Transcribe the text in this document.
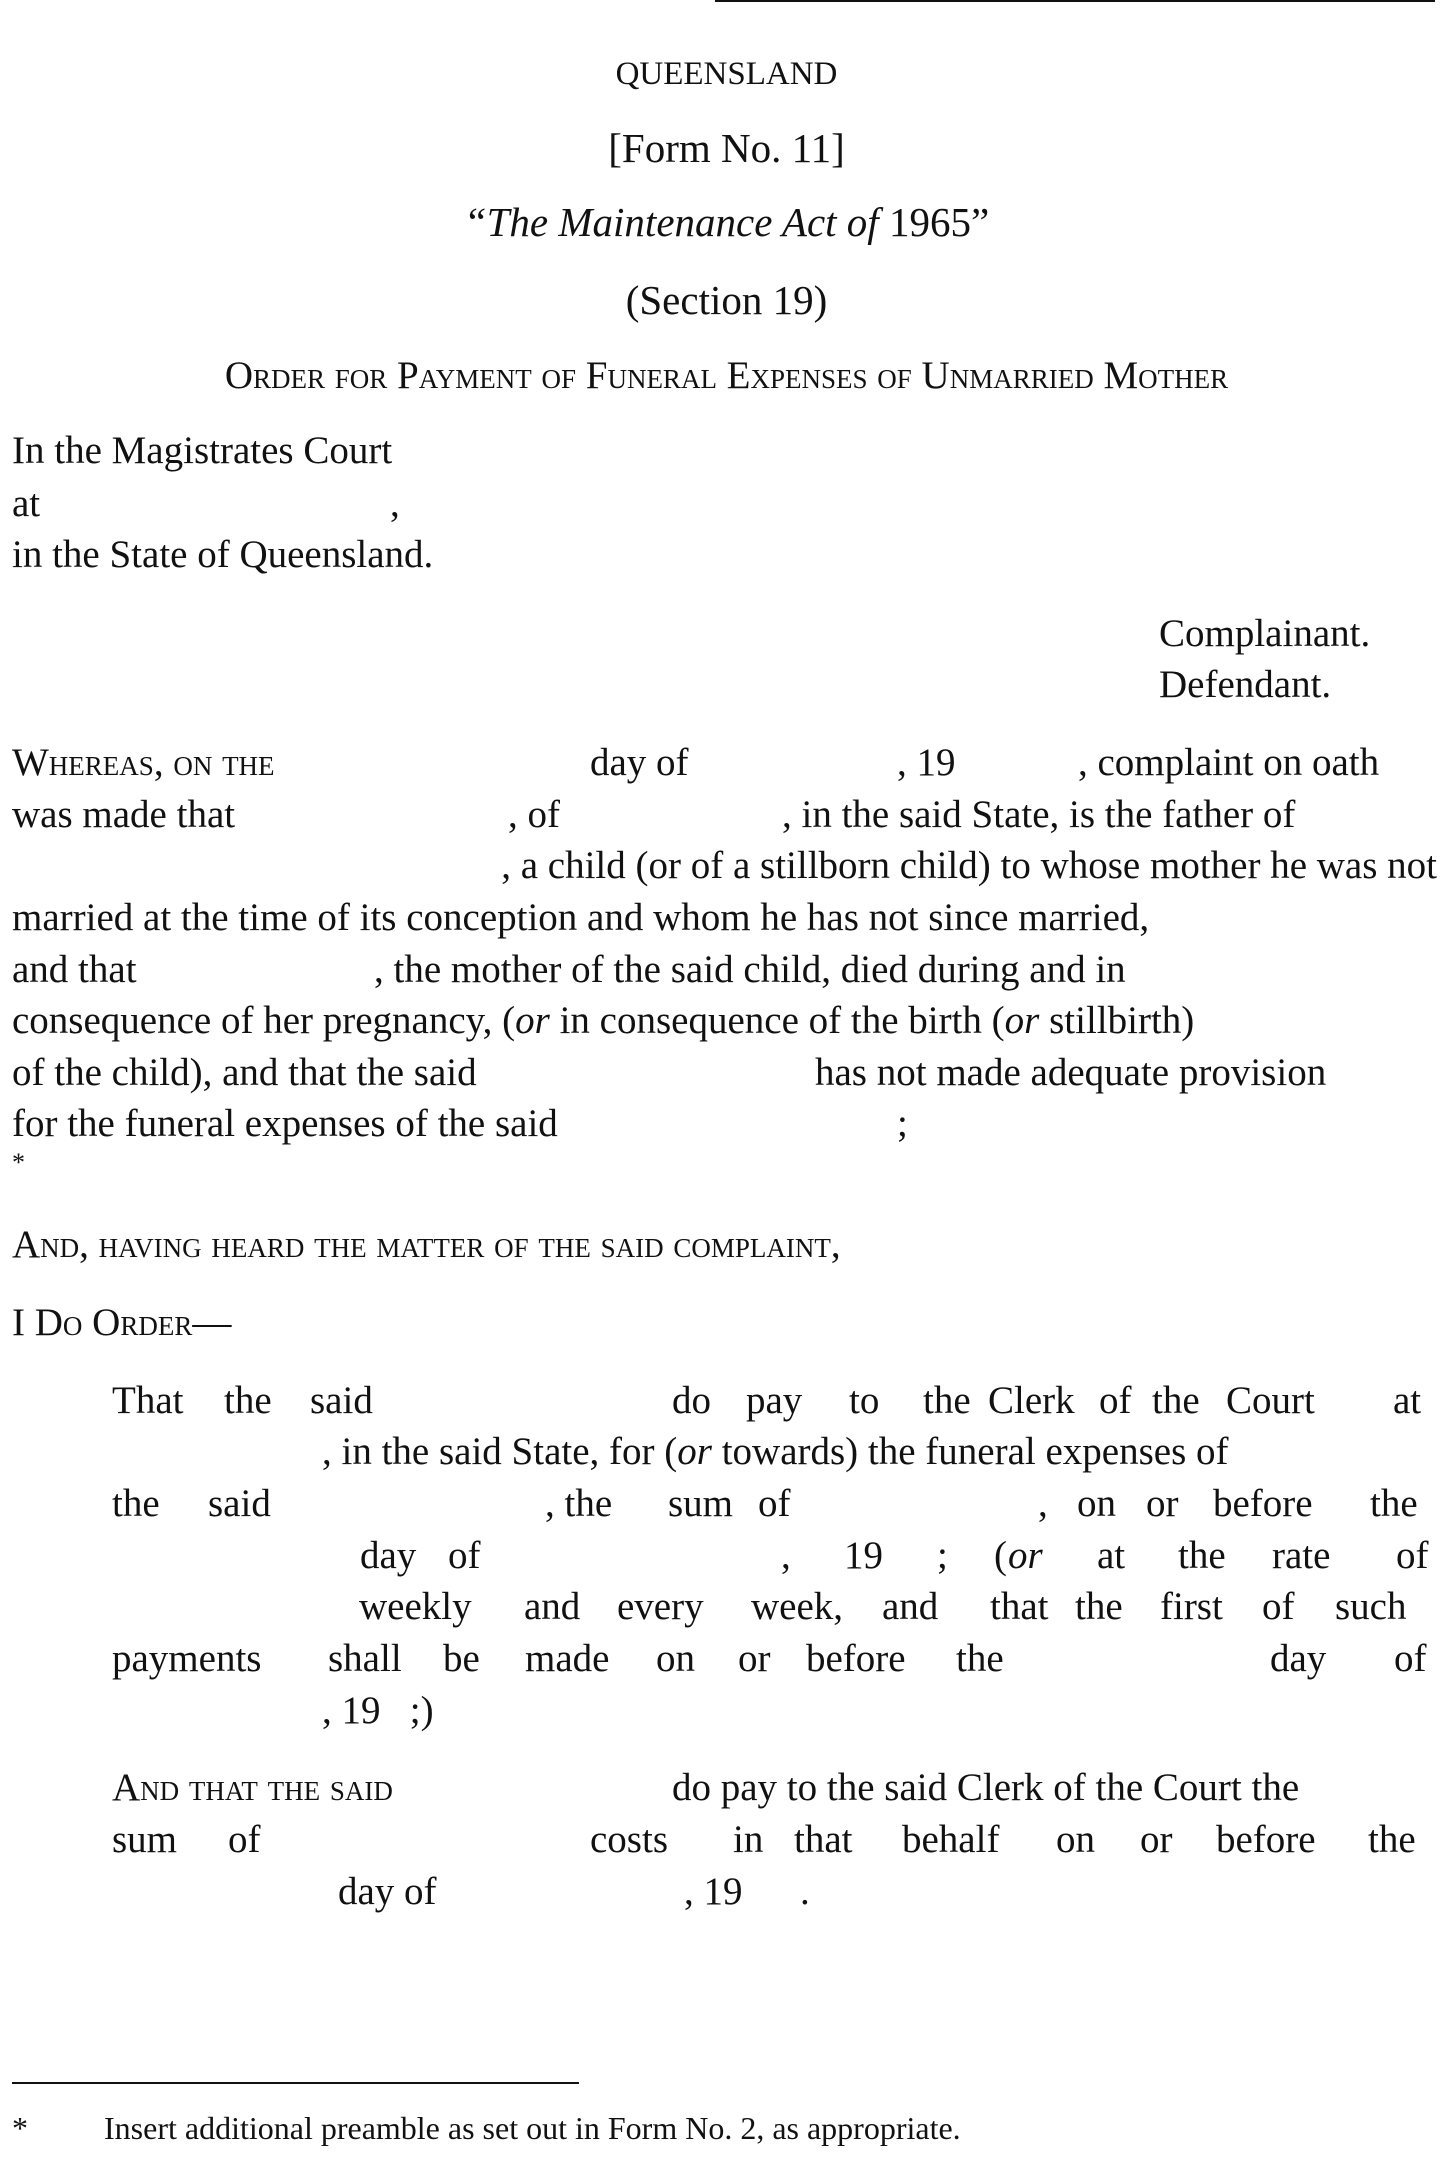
QUEENSLAND
[Form No. 11]
“The Maintenance Act of 1965”
(Section 19)
Order for Payment of Funeral Expenses of Unmarried Mother
In the Magistrates Court
at	,
in the State of Queensland.
Complainant.
Defendant.
Whereas, on the	day of	, 19	, complaint on oath
was made that	, of	, in the said State, is the father of
, a child (or of a stillborn child) to whose mother he was not
married at the time of its conception and whom he has not since married,
and that	, the mother of the said child, died during and in
consequence of her pregnancy, (or in consequence of the birth (or stillbirth)
of the child), and that the said	has not made adequate provision
for the funeral expenses of the said	;
*
And, having heard the matter of the said complaint,
I Do Order—
That the said	do pay to the Clerk of the Court at
, in the said State, for (or towards) the funeral expenses of
the said	, the sum of	, on or before the
day of	, 19 ; ( or at the rate of
weekly and every week, and that the first of such
payments shall be made on or before the	day of
, 19   ;)
And that the said	do pay to the said Clerk of the Court the
sum of	costs in that behalf on or before the
day of	, 19 .
* Insert additional preamble as set out in Form No. 2, as appropriate.
